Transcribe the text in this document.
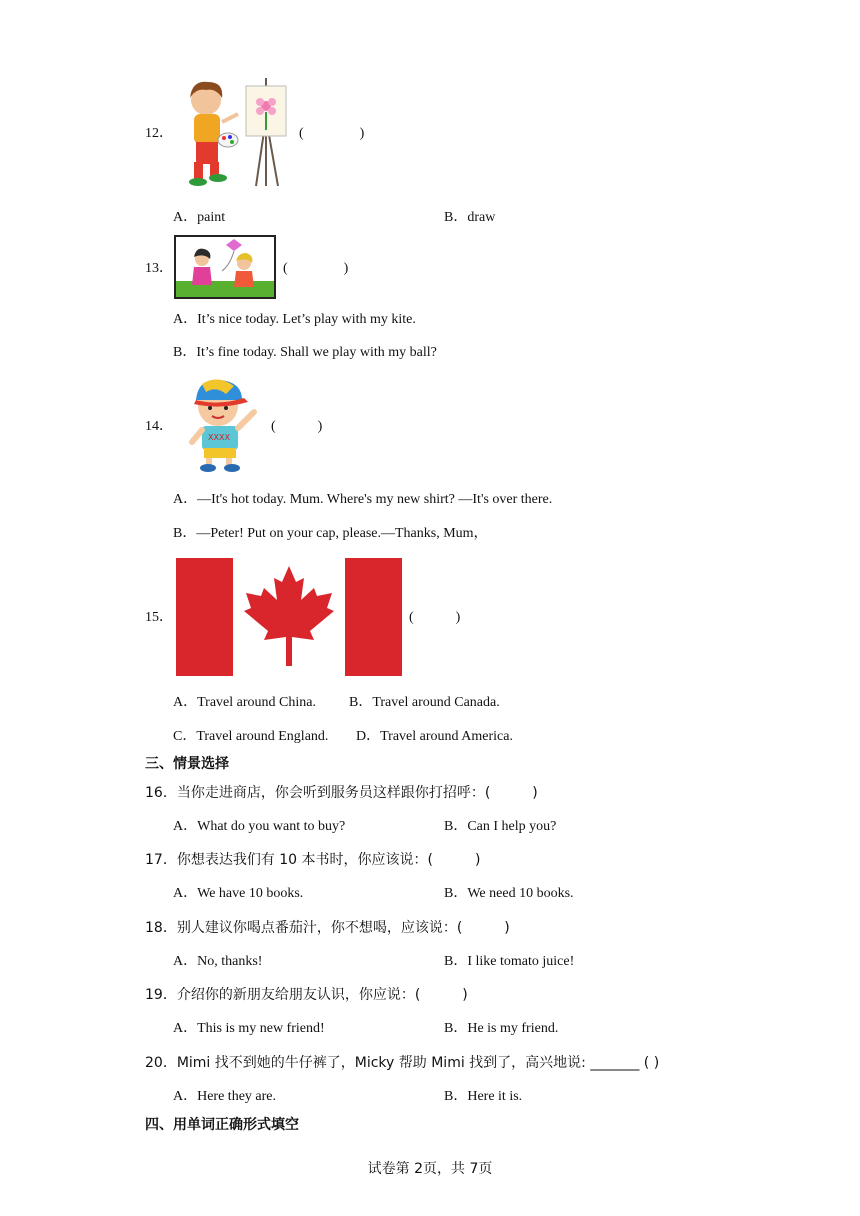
12．	(　　　　)
A．paint	B．draw
13．	(　　　　)
A．It’s nice today. Let’s play with my kite.
B．It’s fine today. Shall we play with my ball?
14．
XXXX
(　　　)
A．—It's hot today. Mum. Where's my new shirt? —It's over there.
B．—Peter! Put on your cap, please.—Thanks, Mum，
15．	(　　　)
A．Travel around China. B．Travel around Canada.
C．Travel around England. D．Travel around America.
三、情景选择
16．当你走进商店，你会听到服务员这样跟你打招呼：(　　　)
A．What do you want to buy?	B．Can I help you?
17．你想表达我们有 10 本书时，你应该说：(　　　)
A．We have 10 books.	B．We need 10 books.
18．别人建议你喝点番茄汁，你不想喝，应该说：(　　　)
A．No, thanks!	B．I like tomato juice!
19．介绍你的新朋友给朋友认识，你应说：(　　　)
A．This is my new friend!	B．He is my friend.
20．Mimi 找不到她的牛仔裤了，Micky 帮助 Mimi 找到了，高兴地说: _______ ( )
A．Here they are.	B．Here it is.
四、用单词正确形式填空
试卷第 2页，共 7页
